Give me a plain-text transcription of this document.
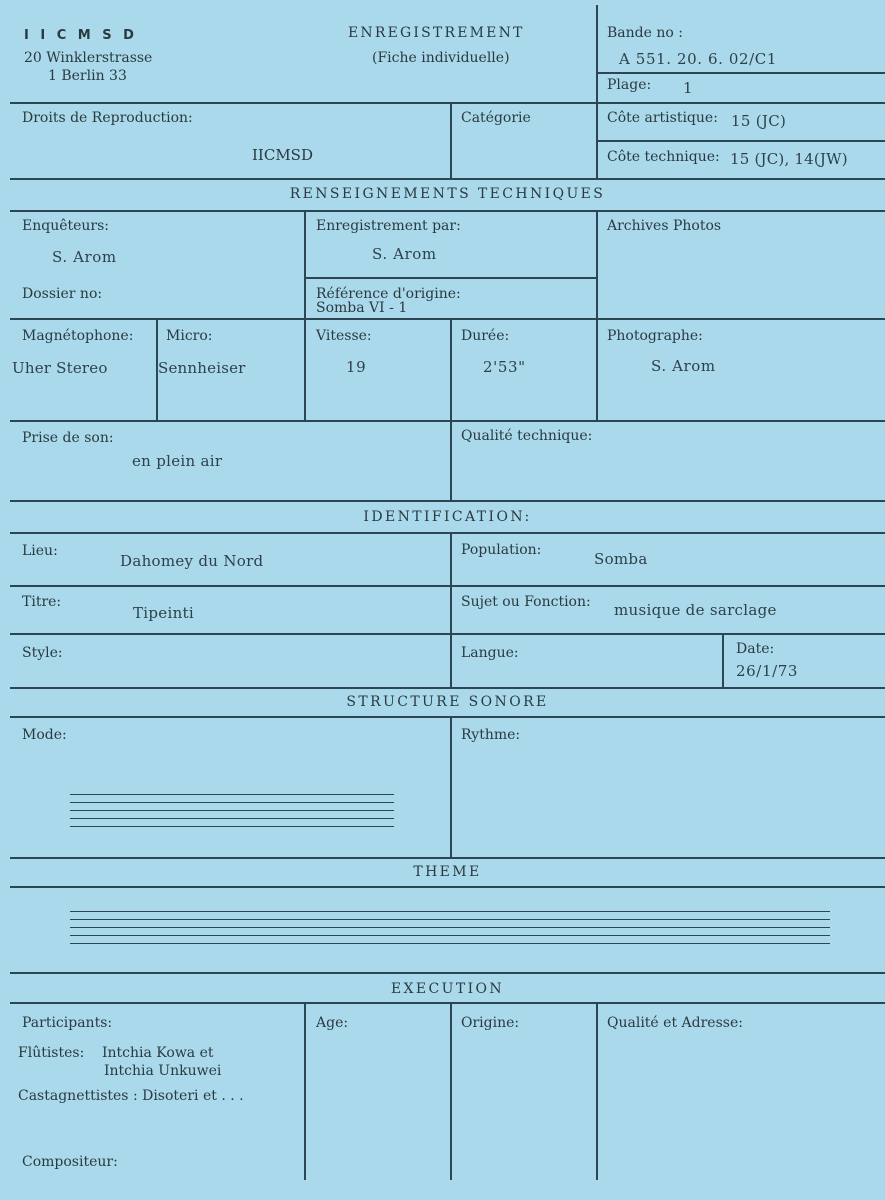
I I C M S D
20 Winklerstrasse
1 Berlin 33
ENREGISTREMENT
(Fiche individuelle)
Bande no :
A 551. 20. 6. 02/C1
Plage: 1
Droits de Reproduction:
IICMSD
Catégorie	Côte artistique: 15 (JC)
Côte technique: 15 (JC), 14(JW)
RENSEIGNEMENTS TECHNIQUES
Enquêteurs:
S. Arom
Dossier no:
Enregistrement par:
S. Arom
Référence d'origine:
Somba VI - 1
Archives Photos
Magnétophone:
Uher Stereo
Micro:
Sennheiser
Vitesse:
19
Durée:
2'53"
Photographe:
S. Arom
Prise de son:
en plein air
Qualité technique:
IDENTIFICATION:
Lieu:
Dahomey du Nord
Population:	Somba
Titre:
Tipeinti
Sujet ou Fonction: musique de sarclage
Style:	Langue:	Date:
26/1/73
STRUCTURE SONORE
Mode:	Rythme:
THEME
EXECUTION
Participants:
Flûtistes: Intchia Kowa et
Intchia Unkuwei
Castagnettistes : Disoteri et . . .
Compositeur:
Age:	Origine:	Qualité et Adresse:
